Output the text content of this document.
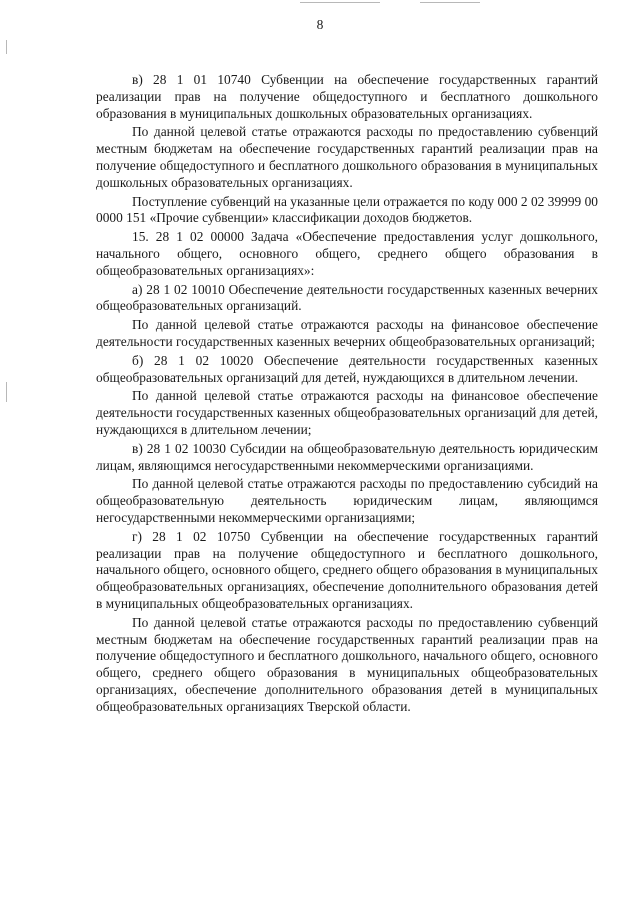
8

в) 28 1 01 10740 Субвенции на обеспечение государственных гарантий реализации прав на получение общедоступного и бесплатного дошкольного образования в муниципальных дошкольных образовательных организациях.

По данной целевой статье отражаются расходы по предоставлению субвенций местным бюджетам на обеспечение государственных гарантий реализации прав на получение общедоступного и бесплатного дошкольного образования в муниципальных дошкольных образовательных организациях.

Поступление субвенций на указанные цели отражается по коду 000 2 02 39999 00 0000 151 «Прочие субвенции» классификации доходов бюджетов.

15. 28 1 02 00000 Задача «Обеспечение предоставления услуг дошкольного, начального общего, основного общего, среднего общего образования в общеобразовательных организациях»:

а) 28 1 02 10010 Обеспечение деятельности государственных казенных вечерних общеобразовательных организаций.

По данной целевой статье отражаются расходы на финансовое обеспечение деятельности государственных казенных вечерних общеобразовательных организаций;

б) 28 1 02 10020 Обеспечение деятельности государственных казенных общеобразовательных организаций для детей, нуждающихся в длительном лечении.

По данной целевой статье отражаются расходы на финансовое обеспечение деятельности государственных казенных общеобразовательных организаций для детей, нуждающихся в длительном лечении;

в) 28 1 02 10030 Субсидии на общеобразовательную деятельность юридическим лицам, являющимся негосударственными некоммерческими организациями.

По данной целевой статье отражаются расходы по предоставлению субсидий на общеобразовательную деятельность юридическим лицам, являющимся негосударственными некоммерческими организациями;

г) 28 1 02 10750 Субвенции на обеспечение государственных гарантий реализации прав на получение общедоступного и бесплатного дошкольного, начального общего, основного общего, среднего общего образования в муниципальных общеобразовательных организациях, обеспечение дополнительного образования детей в муниципальных общеобразовательных организациях.

По данной целевой статье отражаются расходы по предоставлению субвенций местным бюджетам на обеспечение государственных гарантий реализации прав на получение общедоступного и бесплатного дошкольного, начального общего, основного общего, среднего общего образования в муниципальных общеобразовательных организациях, обеспечение дополнительного образования детей в муниципальных общеобразовательных организациях Тверской области.
